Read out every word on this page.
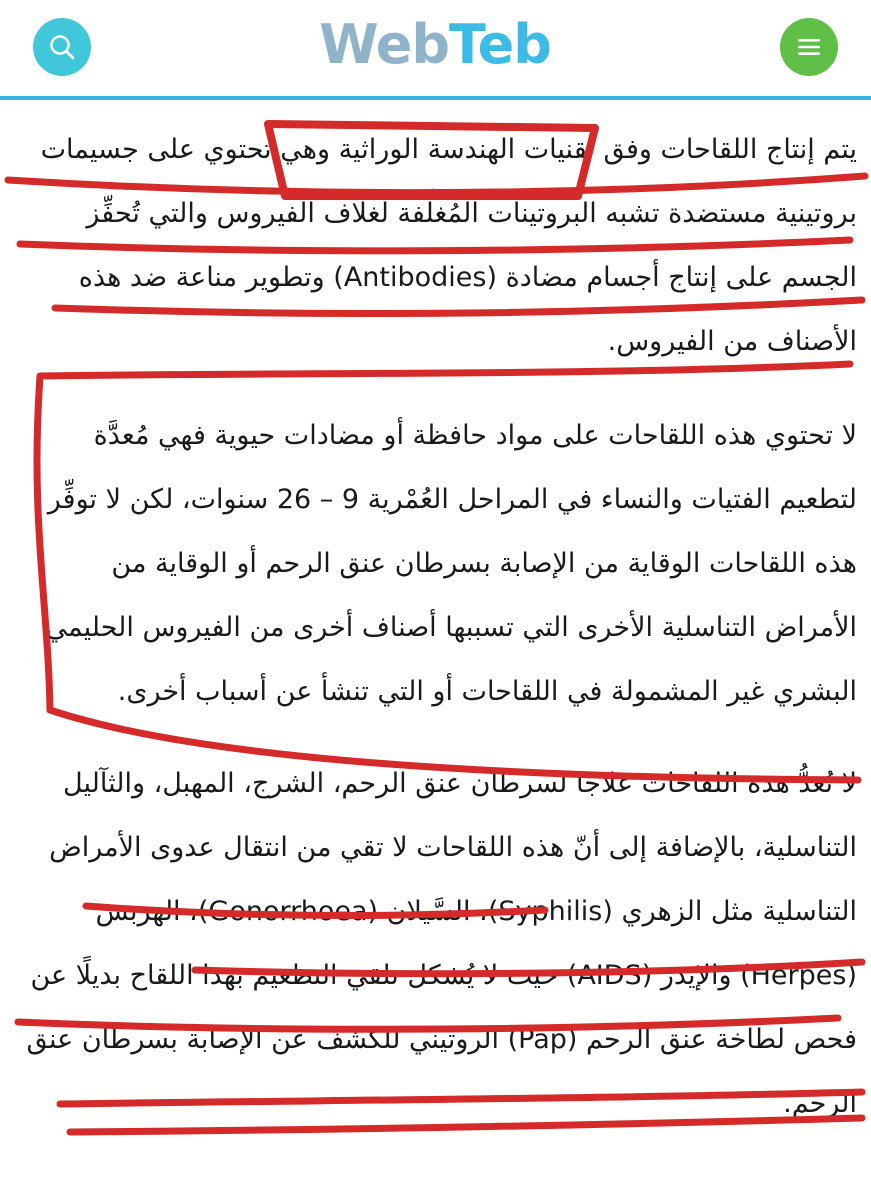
WebTeb

يتم إنتاج اللقاحات وفق تقنيات الهندسة الوراثية وهي تحتوي على جسيمات بروتينية مستضدة تشبه البروتينات المُغلِّفة لغلاف الفيروس والتي تُحفِّز الجسم على إنتاج أجسام مضادة (Antibodies) وتطوير مناعة ضد هذه الأصناف من الفيروس.

لا تحتوي هذه اللقاحات على مواد حافظة أو مضادات حيوية فهي مُعدَّة لتطعيم الفتيات والنساء في المراحل العُمْرية 9 – 26 سنوات، لكن لا توفِّر هذه اللقاحات الوقاية من الإصابة بسرطان عنق الرحم أو الوقاية من الأمراض التناسلية الأخرى التي تسببها أصناف أخرى من الفيروس الحليمي البشري غير المشمولة في اللقاحات أو التي تنشأ عن أسباب أخرى.

لا تُعدُّ هذه اللقاحات علاجًا لسرطان عنق الرحم، الشرج، المهبل، والثآليل التناسلية، بالإضافة إلى أنّ هذه اللقاحات لا تقي من انتقال عدوى الأمراض التناسلية مثل الزهري (Syphilis)، السَّيلان (Gonorrhoea)، الهربس (Herpes) والإيدز (AIDS) حيث لا يُشكل تلقي التطعيم بهذا اللقاح بديلًا عن فحص لطاخة عنق الرحم (Pap) الروتيني للكشف عن الإصابة بسرطان عنق الرحم.
